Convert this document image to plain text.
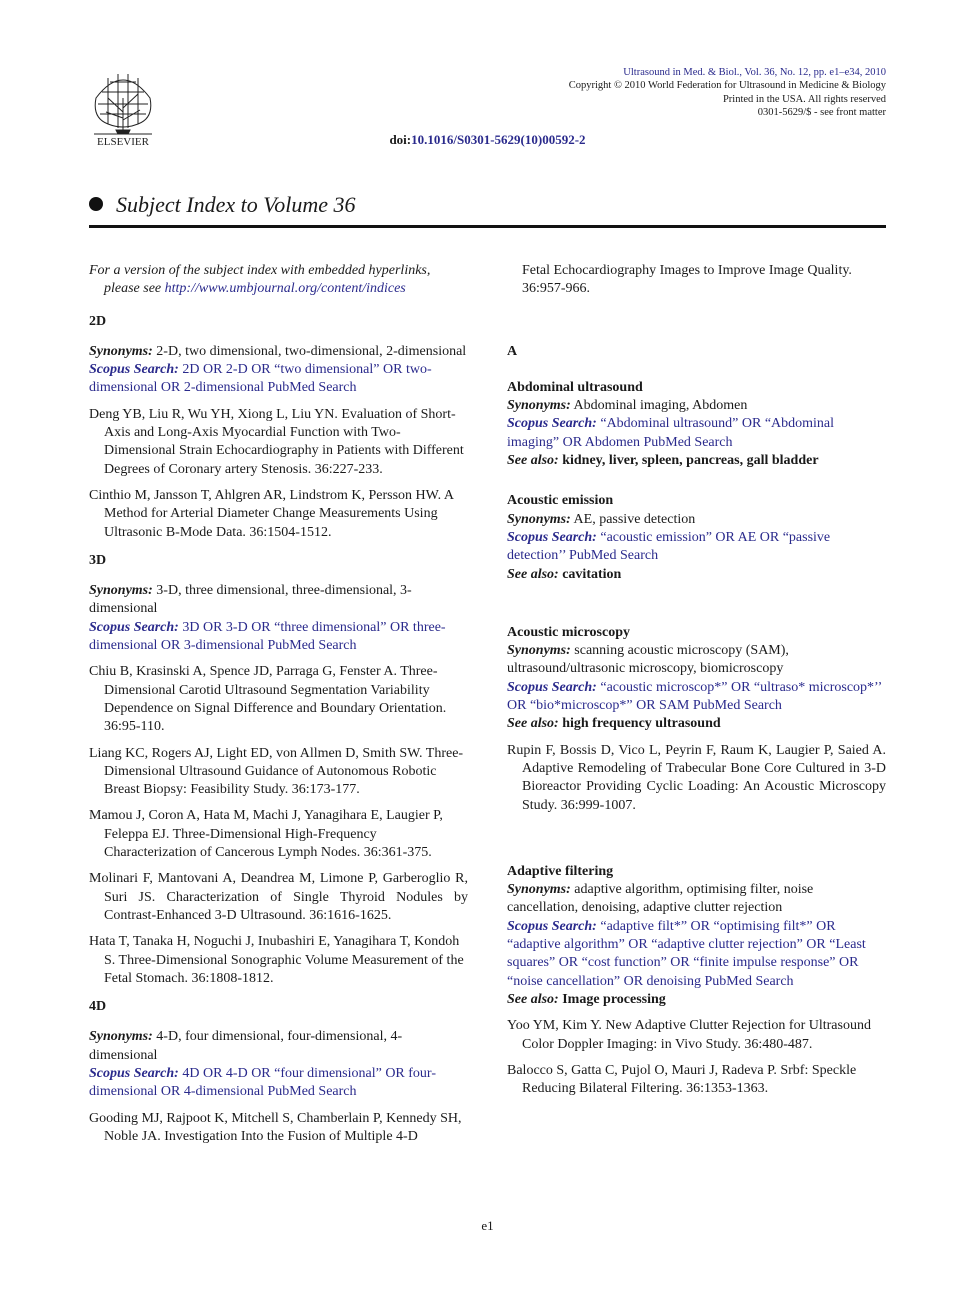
ELSEVIER
Ultrasound in Med. & Biol., Vol. 36, No. 12, pp. e1–e34, 2010
Copyright © 2010 World Federation for Ultrasound in Medicine & Biology
Printed in the USA. All rights reserved
0301-5629/$ - see front matter
doi:10.1016/S0301-5629(10)00592-2
Subject Index to Volume 36

For a version of the subject index with embedded hyperlinks, please see http://www.umbjournal.org/content/indices

2D

Synonyms: 2-D, two dimensional, two-dimensional, 2-dimensional

Scopus Search: 2D OR 2-D OR “two dimensional” OR two-dimensional OR 2-dimensional PubMed Search

Deng YB, Liu R, Wu YH, Xiong L, Liu YN. Evaluation of Short-Axis and Long-Axis Myocardial Function with Two-Dimensional Strain Echocardiography in Patients with Different Degrees of Coronary artery Stenosis. 36:227-233.

Cinthio M, Jansson T, Ahlgren AR, Lindstrom K, Persson HW. A Method for Arterial Diameter Change Measurements Using Ultrasonic B-Mode Data. 36:1504-1512.

3D

Synonyms: 3-D, three dimensional, three-dimensional, 3-dimensional

Scopus Search: 3D OR 3-D OR “three dimensional” OR three-dimensional OR 3-dimensional PubMed Search

Chiu B, Krasinski A, Spence JD, Parraga G, Fenster A. Three-Dimensional Carotid Ultrasound Segmentation Variability Dependence on Signal Difference and Boundary Orientation. 36:95-110.

Liang KC, Rogers AJ, Light ED, von Allmen D, Smith SW. Three-Dimensional Ultrasound Guidance of Autonomous Robotic Breast Biopsy: Feasibility Study. 36:173-177.

Mamou J, Coron A, Hata M, Machi J, Yanagihara E, Laugier P, Feleppa EJ. Three-Dimensional High-Frequency Characterization of Cancerous Lymph Nodes. 36:361-375.

Molinari F, Mantovani A, Deandrea M, Limone P, Garberoglio R, Suri JS. Characterization of Single Thyroid Nodules by Contrast-Enhanced 3-D Ultrasound. 36:1616-1625.

Hata T, Tanaka H, Noguchi J, Inubashiri E, Yanagihara T, Kondoh S. Three-Dimensional Sonographic Volume Measurement of the Fetal Stomach. 36:1808-1812.

4D

Synonyms: 4-D, four dimensional, four-dimensional, 4-dimensional

Scopus Search: 4D OR 4-D OR “four dimensional” OR four-dimensional OR 4-dimensional PubMed Search

Gooding MJ, Rajpoot K, Mitchell S, Chamberlain P, Kennedy SH, Noble JA. Investigation Into the Fusion of Multiple 4-D

Fetal Echocardiography Images to Improve Image Quality. 36:957-966.

A

Abdominal ultrasound

Synonyms: Abdominal imaging, Abdomen

Scopus Search: “Abdominal ultrasound” OR “Abdominal imaging” OR Abdomen PubMed Search

See also: kidney, liver, spleen, pancreas, gall bladder

Acoustic emission

Synonyms: AE, passive detection

Scopus Search: “acoustic emission” OR AE OR “passive detection’’ PubMed Search

See also: cavitation

Acoustic microscopy

Synonyms: scanning acoustic microscopy (SAM), ultrasound/ultrasonic microscopy, biomicroscopy

Scopus Search: “acoustic microscop*” OR “ultraso* microscop*’’ OR “bio*microscop*” OR SAM PubMed Search

See also: high frequency ultrasound

Rupin F, Bossis D, Vico L, Peyrin F, Raum K, Laugier P, Saied A. Adaptive Remodeling of Trabecular Bone Core Cultured in 3-D Bioreactor Providing Cyclic Loading: An Acoustic Microscopy Study. 36:999-1007.

Adaptive filtering

Synonyms: adaptive algorithm, optimising filter, noise cancellation, denoising, adaptive clutter rejection

Scopus Search: “adaptive filt*” OR “optimising filt*” OR “adaptive algorithm” OR “adaptive clutter rejection” OR “Least squares” OR “cost function” OR “finite impulse response” OR “noise cancellation” OR denoising PubMed Search

See also: Image processing

Yoo YM, Kim Y. New Adaptive Clutter Rejection for Ultrasound Color Doppler Imaging: in Vivo Study. 36:480-487.

Balocco S, Gatta C, Pujol O, Mauri J, Radeva P. Srbf: Speckle Reducing Bilateral Filtering. 36:1353-1363.

e1
